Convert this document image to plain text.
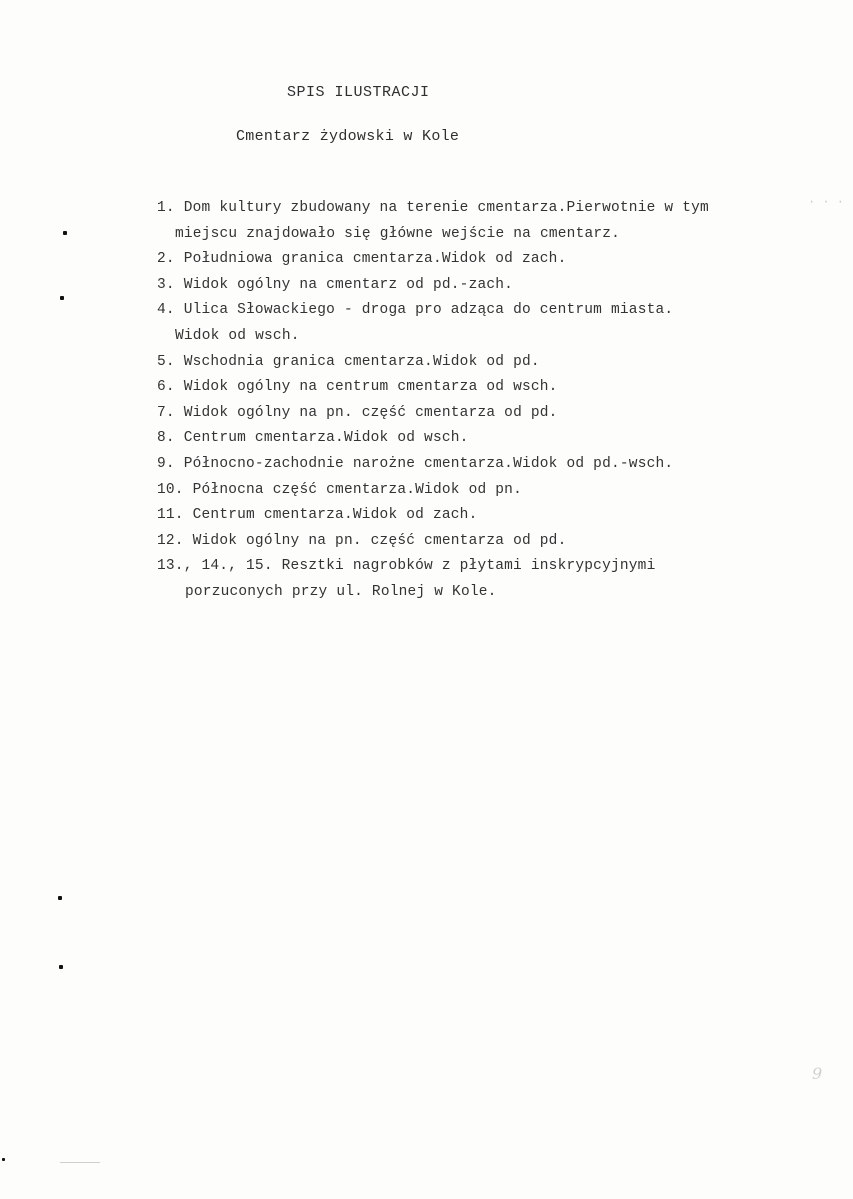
SPIS ILUSTRACJI
Cmentarz żydowski w Kole
1. Dom kultury zbudowany na terenie cmentarza.Pierwotnie w tym
miejscu znajdowało się główne wejście na cmentarz.
2. Południowa granica cmentarza.Widok od zach.
3. Widok ogólny na cmentarz od pd.-zach.
4. Ulica Słowackiego - droga pro adząca do centrum miasta.
Widok od wsch.
5. Wschodnia granica cmentarza.Widok od pd.
6. Widok ogólny na centrum cmentarza od wsch.
7. Widok ogólny na pn. część cmentarza od pd.
8. Centrum cmentarza.Widok od wsch.
9. Północno-zachodnie narożne cmentarza.Widok od pd.-wsch.
10. Północna część cmentarza.Widok od pn.
11. Centrum cmentarza.Widok od zach.
12. Widok ogólny na pn. część cmentarza od pd.
13., 14., 15. Resztki nagrobków z płytami inskrypcyjnymi
porzuconych przy ul. Rolnej w Kole.
· · ·
9
